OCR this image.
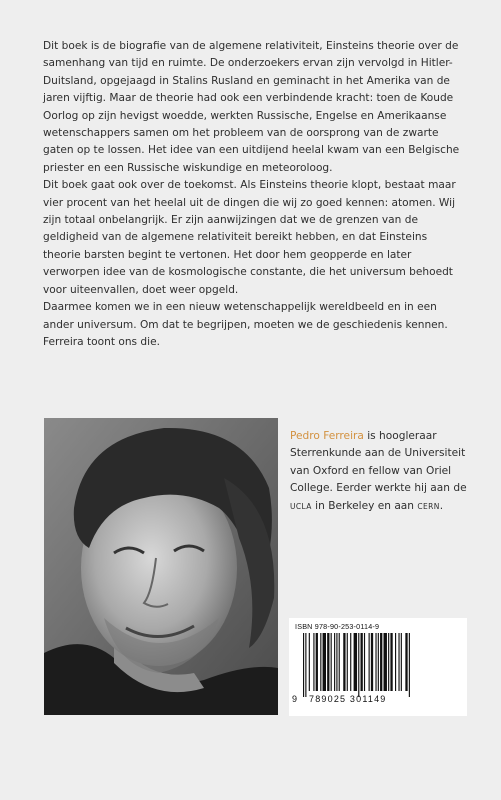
Dit boek is de biografie van de algemene relativiteit, Einsteins theorie over de samenhang van tijd en ruimte. De onderzoekers ervan zijn vervolgd in Hitler-Duitsland, opgejaagd in Stalins Rusland en geminacht in het Amerika van de jaren vijftig. Maar de theorie had ook een verbindende kracht: toen de Koude Oorlog op zijn hevigst woedde, werkten Russische, Engelse en Amerikaanse wetenschappers samen om het probleem van de oorsprong van de zwarte gaten op te lossen. Het idee van een uitdijend heelal kwam van een Belgische priester en een Russische wiskundige en meteoroloog.

Dit boek gaat ook over de toekomst. Als Einsteins theorie klopt, bestaat maar vier procent van het heelal uit de dingen die wij zo goed kennen: atomen. Wij zijn totaal onbelangrijk. Er zijn aanwijzingen dat we de grenzen van de geldigheid van de algemene relativiteit bereikt hebben, en dat Einsteins theorie barsten begint te vertonen. Het door hem geopperde en later verworpen idee van de kosmologische constante, die het universum behoedt voor uiteenvallen, doet weer opgeld.

Daarmee komen we in een nieuw wetenschappelijk wereldbeeld en in een ander universum. Om dat te begrijpen, moeten we de geschiedenis kennen. Ferreira toont ons die.

Pedro Ferreira is hoogleraar Sterrenkunde aan de Universiteit van Oxford en fellow van Oriel College. Eerder werkte hij aan de UCLA in Berkeley en aan CERN.
ISBN 978-90-253-0114-9
9 789025 301149
